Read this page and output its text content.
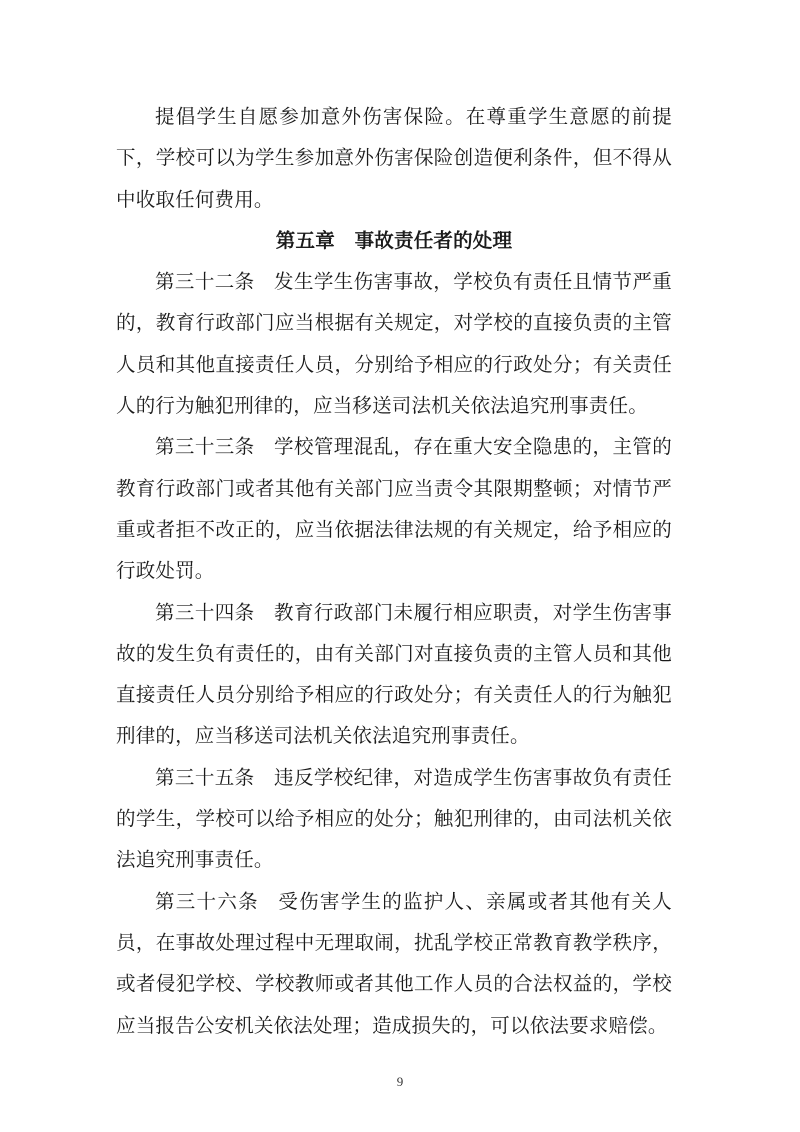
提倡学生自愿参加意外伤害保险。在尊重学生意愿的前提下，学校可以为学生参加意外伤害保险创造便利条件，但不得从中收取任何费用。

第五章　事故责任者的处理

第三十二条 发生学生伤害事故，学校负有责任且情节严重的，教育行政部门应当根据有关规定，对学校的直接负责的主管人员和其他直接责任人员，分别给予相应的行政处分；有关责任人的行为触犯刑律的，应当移送司法机关依法追究刑事责任。

第三十三条 学校管理混乱，存在重大安全隐患的，主管的教育行政部门或者其他有关部门应当责令其限期整顿；对情节严重或者拒不改正的，应当依据法律法规的有关规定，给予相应的行政处罚。

第三十四条 教育行政部门未履行相应职责，对学生伤害事故的发生负有责任的，由有关部门对直接负责的主管人员和其他直接责任人员分别给予相应的行政处分；有关责任人的行为触犯刑律的，应当移送司法机关依法追究刑事责任。

第三十五条 违反学校纪律，对造成学生伤害事故负有责任的学生，学校可以给予相应的处分；触犯刑律的，由司法机关依法追究刑事责任。

第三十六条 受伤害学生的监护人、亲属或者其他有关人员，在事故处理过程中无理取闹，扰乱学校正常教育教学秩序，或者侵犯学校、学校教师或者其他工作人员的合法权益的，学校应当报告公安机关依法处理；造成损失的，可以依法要求赔偿。

9
